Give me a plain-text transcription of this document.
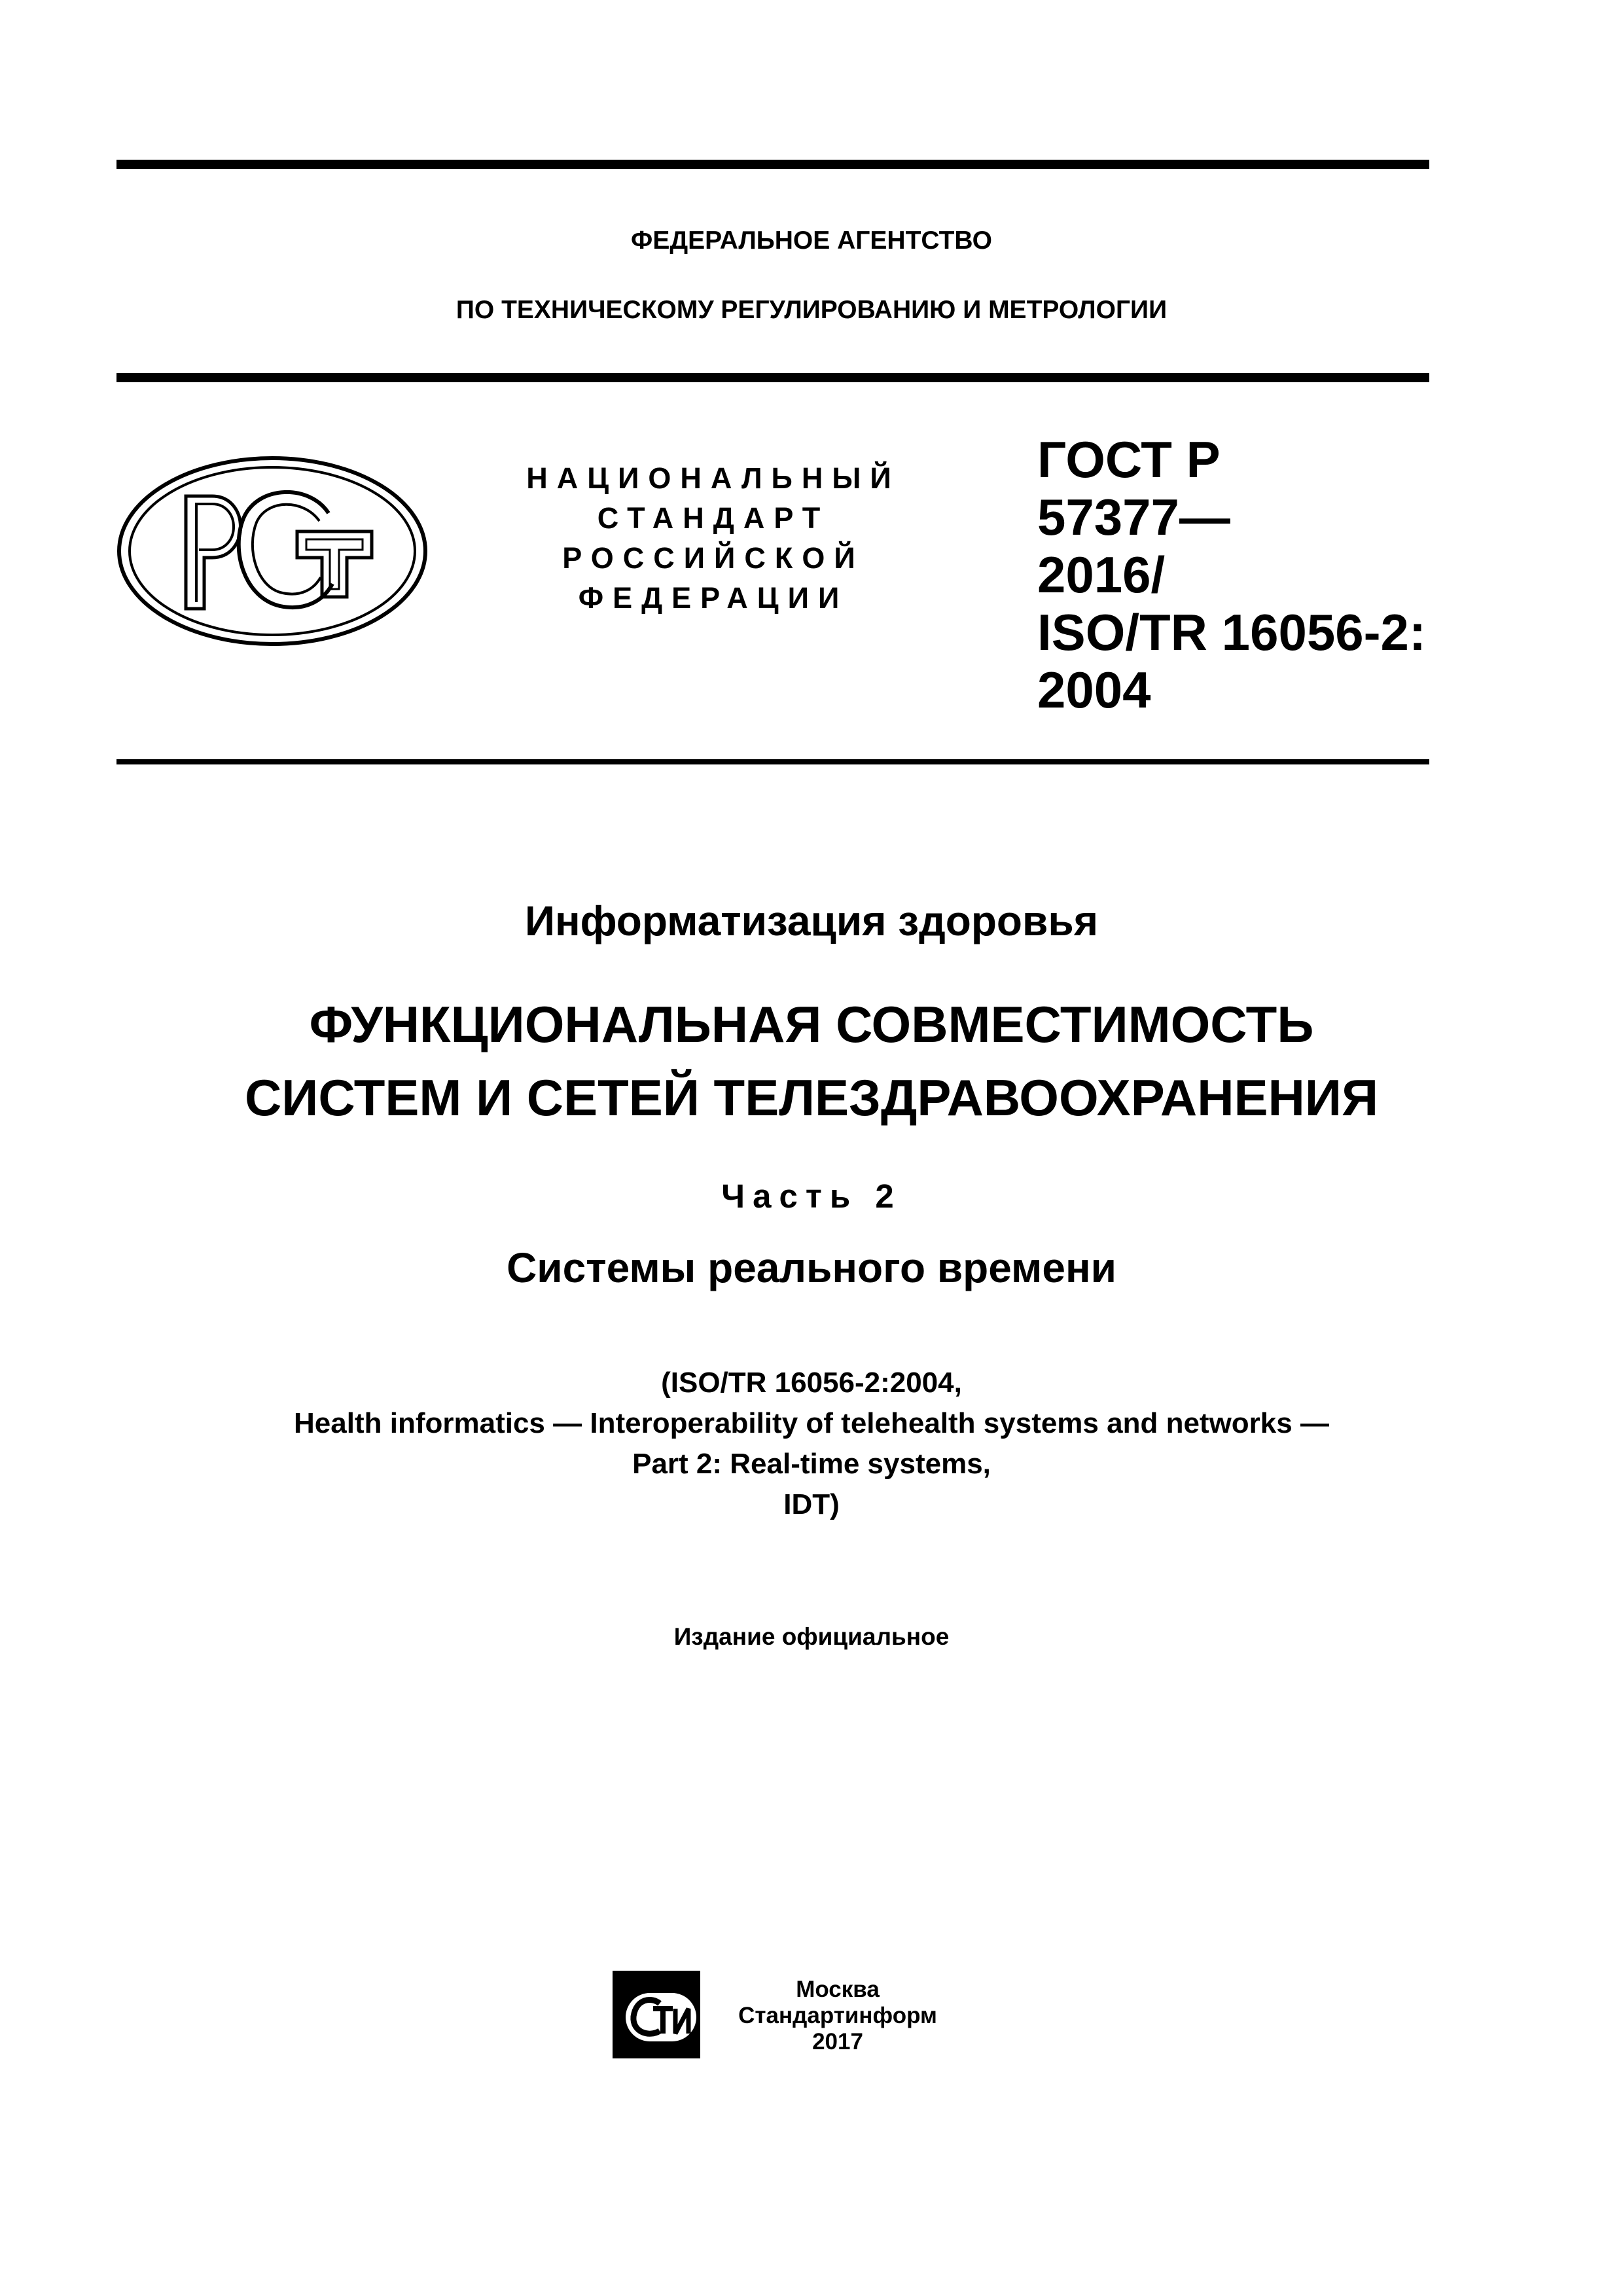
ФЕДЕРАЛЬНОЕ АГЕНТСТВО
ПО ТЕХНИЧЕСКОМУ РЕГУЛИРОВАНИЮ И МЕТРОЛОГИИ
НАЦИОНАЛЬНЫЙ
СТАНДАРТ
РОССИЙСКОЙ
ФЕДЕРАЦИИ
ГОСТ Р
57377—
2016/
ISO/TR 16056-2:
2004
Информатизация здоровья
ФУНКЦИОНАЛЬНАЯ СОВМЕСТИМОСТЬ
СИСТЕМ И СЕТЕЙ ТЕЛЕЗДРАВООХРАНЕНИЯ
Часть 2
Системы реального времени
(ISO/TR 16056-2:2004,
Health informatics — Interoperability of telehealth systems and networks —
Part 2: Real-time systems,
IDT)
Издание официальное
Москва
Стандартинформ
2017
